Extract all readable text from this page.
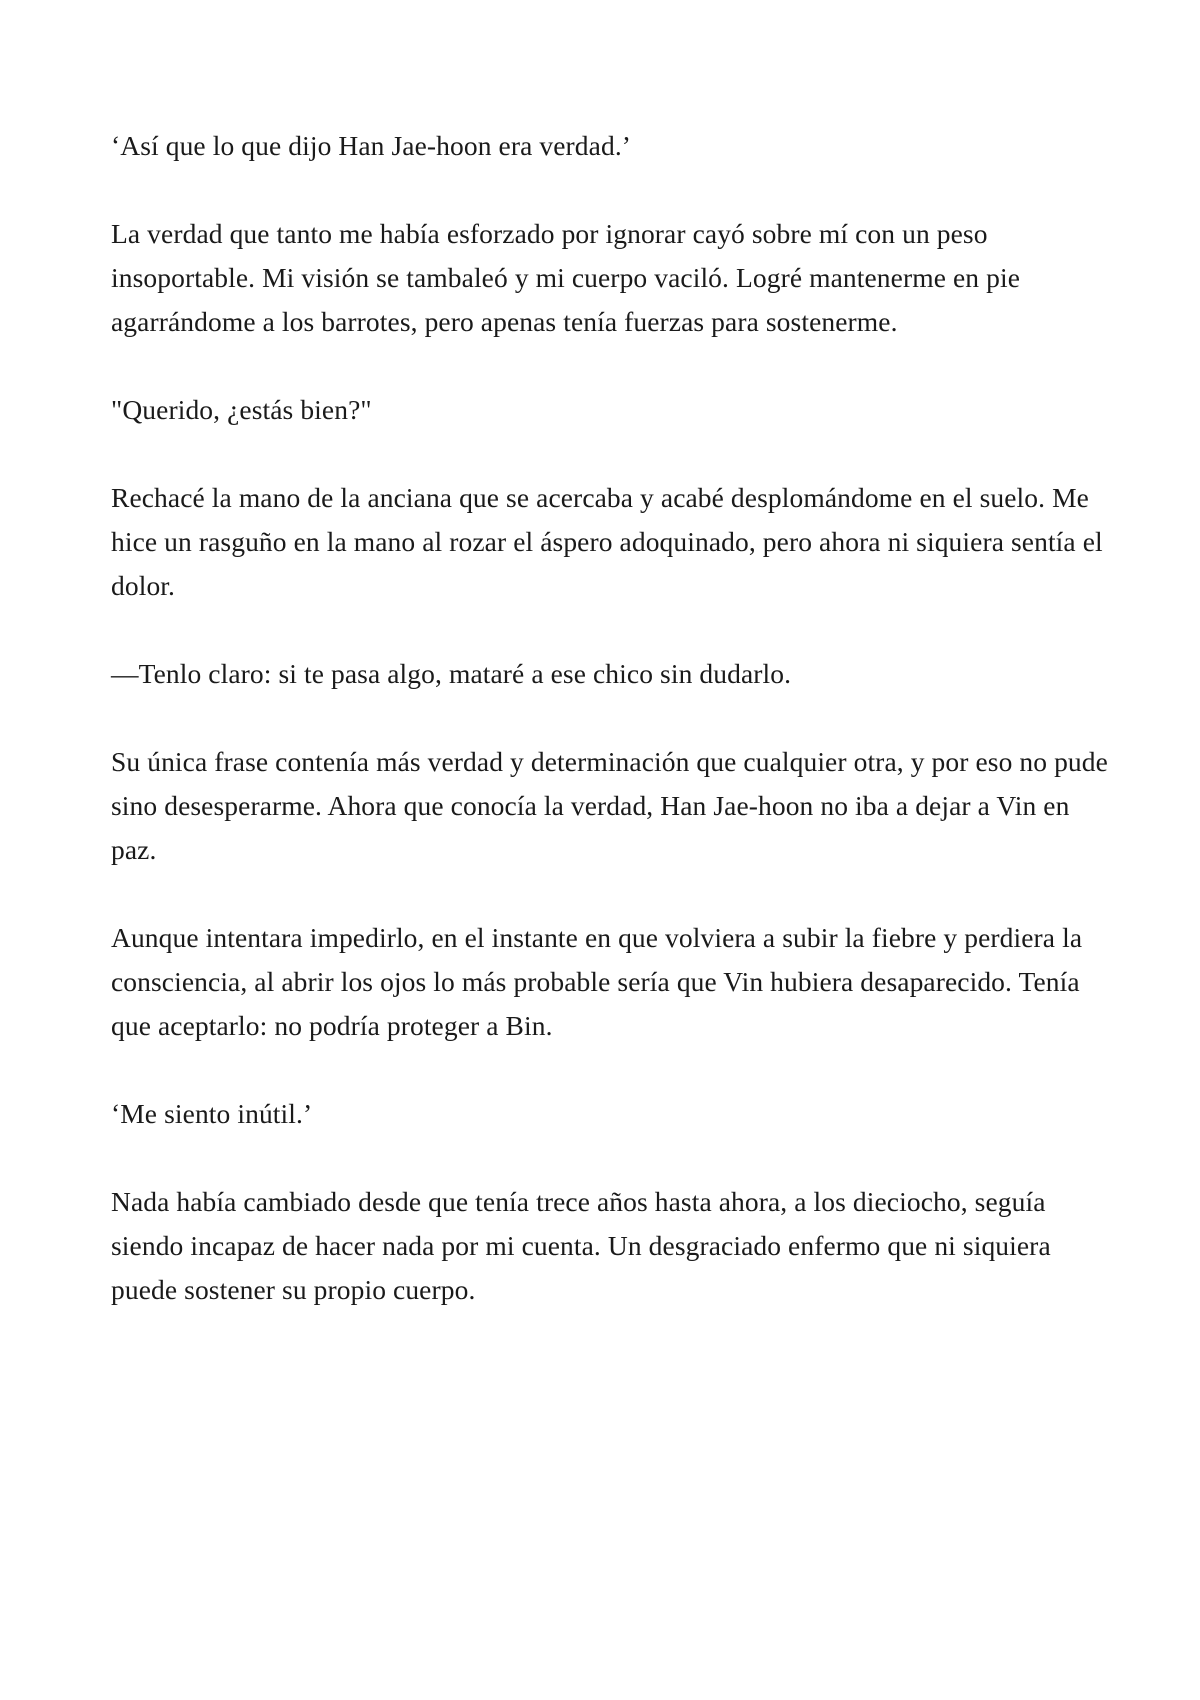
‘Así que lo que dijo Han Jae-hoon era verdad.’

La verdad que tanto me había esforzado por ignorar cayó sobre mí con un peso insoportable. Mi visión se tambaleó y mi cuerpo vaciló. Logré mantenerme en pie agarrándome a los barrotes, pero apenas tenía fuerzas para sostenerme.

"Querido, ¿estás bien?"

Rechacé la mano de la anciana que se acercaba y acabé desplomándome en el suelo. Me hice un rasguño en la mano al rozar el áspero adoquinado, pero ahora ni siquiera sentía el dolor.

—Tenlo claro: si te pasa algo, mataré a ese chico sin dudarlo.

Su única frase contenía más verdad y determinación que cualquier otra, y por eso no pude sino desesperarme. Ahora que conocía la verdad, Han Jae-hoon no iba a dejar a Vin en paz.

Aunque intentara impedirlo, en el instante en que volviera a subir la fiebre y perdiera la consciencia, al abrir los ojos lo más probable sería que Vin hubiera desaparecido. Tenía que aceptarlo: no podría proteger a Bin.

‘Me siento inútil.’

Nada había cambiado desde que tenía trece años hasta ahora, a los dieciocho, seguía siendo incapaz de hacer nada por mi cuenta. Un desgraciado enfermo que ni siquiera puede sostener su propio cuerpo.
